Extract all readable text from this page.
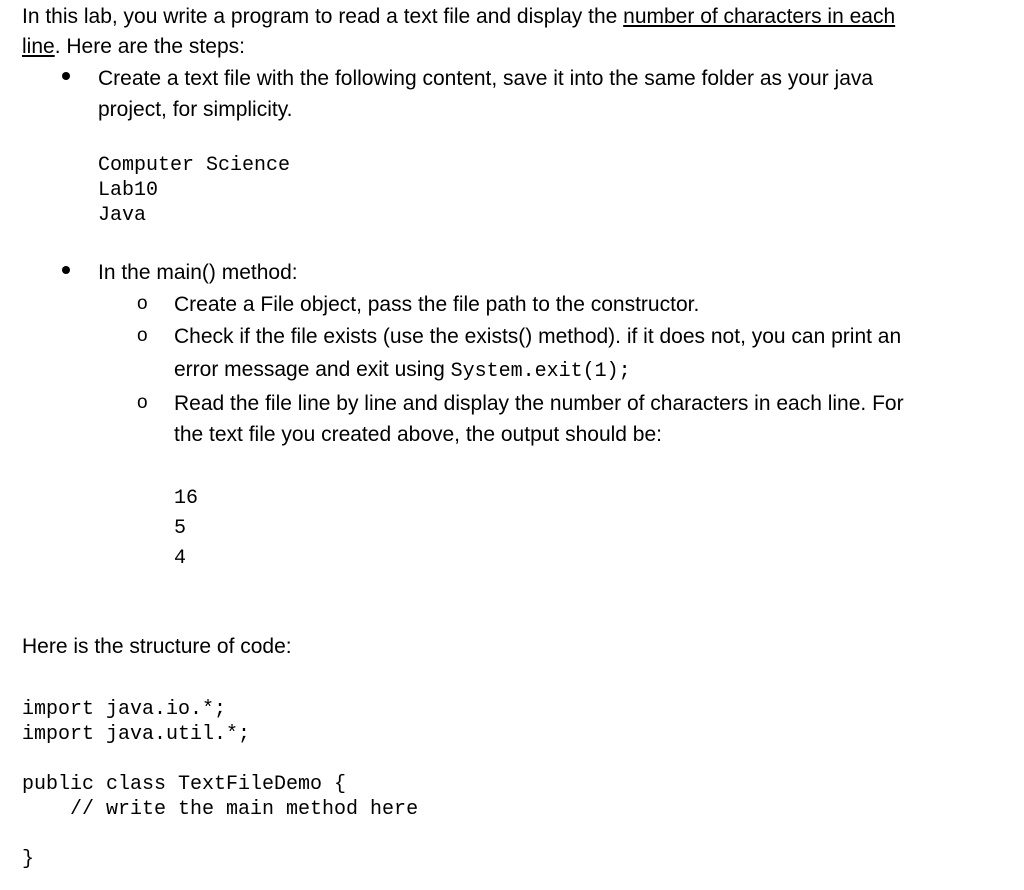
In this lab, you write a program to read a text file and display the number of characters in each
line. Here are the steps:
Create a text file with the following content, save it into the same folder as your java
project, for simplicity.
Computer Science
Lab10
Java
In the main() method:
o Create a File object, pass the file path to the constructor.
o Check if the file exists (use the exists() method). if it does not, you can print an
error message and exit using System.exit(1);
o Read the file line by line and display the number of characters in each line. For
the text file you created above, the output should be:
16
5
4
Here is the structure of code:
import java.io.*;
import java.util.*;
public class TextFileDemo {
// write the main method here
}
